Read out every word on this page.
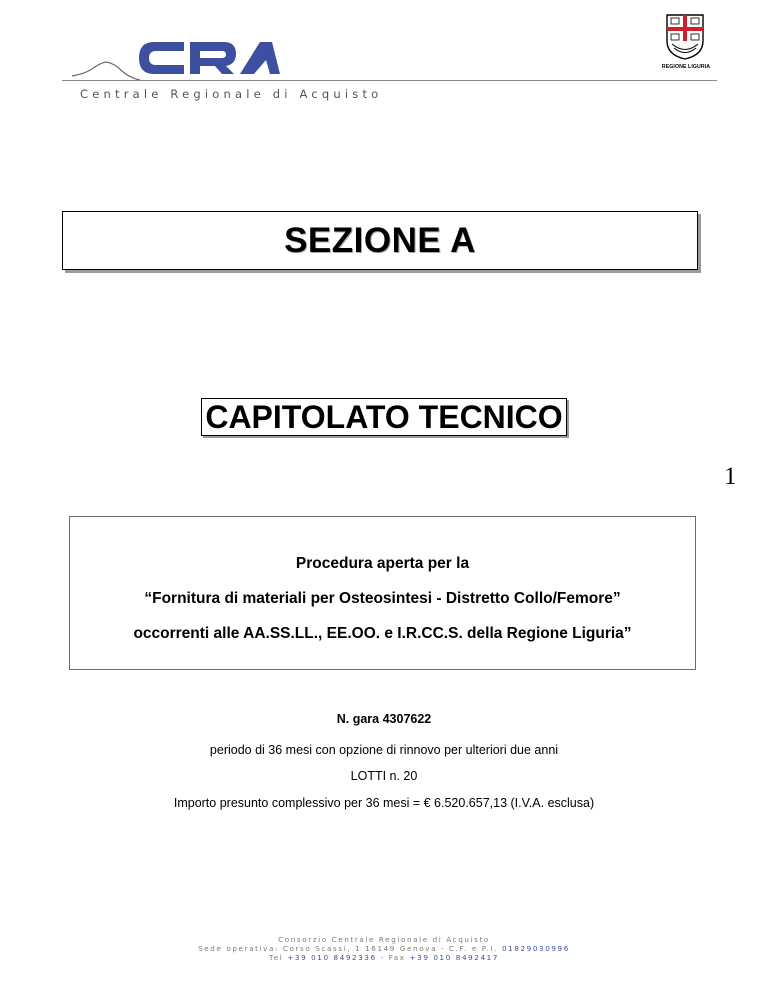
Centrale Regionale di Acquisto
REGIONE LIGURIA
SEZIONE A
CAPITOLATO TECNICO
1
Procedura aperta per la
“Fornitura di materiali per Osteosintesi - Distretto Collo/Femore”
occorrenti alle AA.SS.LL., EE.OO. e I.R.CC.S. della Regione Liguria”
N. gara 4307622
periodo di 36 mesi con opzione di rinnovo per ulteriori due anni
LOTTI n. 20
Importo presunto complessivo per 36 mesi = € 6.520.657,13 (I.V.A. esclusa)
Consorzio Centrale Regionale di Acquisto
Sede operativa: Corso Scassi, 1 16149 Genova - C.F. e P.I. 01829030996
Tel +39 010 8492336 - Fax +39 010 8492417
